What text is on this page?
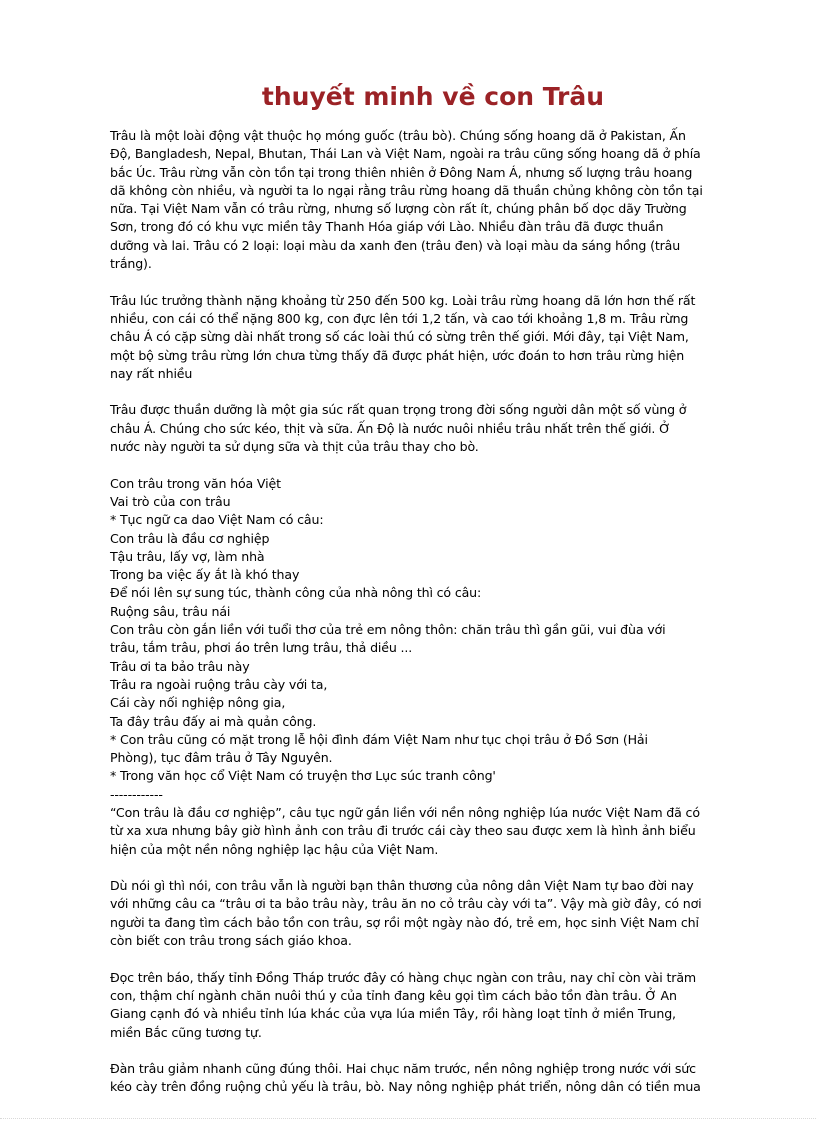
thuyết minh về con Trâu
Trâu là một loài động vật thuộc họ móng guốc (trâu bò). Chúng sống hoang dã ở Pakistan, Ấn
Độ, Bangladesh, Nepal, Bhutan, Thái Lan và Việt Nam, ngoài ra trâu cũng sống hoang dã ở phía
bắc Úc. Trâu rừng vẫn còn tồn tại trong thiên nhiên ở Đông Nam Á, nhưng số lượng trâu hoang
dã không còn nhiều, và người ta lo ngại rằng trâu rừng hoang dã thuần chủng không còn tồn tại
nữa. Tại Việt Nam vẫn có trâu rừng, nhưng số lượng còn rất ít, chúng phân bố dọc dãy Trường
Sơn, trong đó có khu vực miền tây Thanh Hóa giáp với Lào. Nhiều đàn trâu đã được thuần
dưỡng và lai. Trâu có 2 loại: loại màu da xanh đen (trâu đen) và loại màu da sáng hồng (trâu
trắng).
Trâu lúc trưởng thành nặng khoảng từ 250 đến 500 kg. Loài trâu rừng hoang dã lớn hơn thế rất
nhiều, con cái có thể nặng 800 kg, con đực lên tới 1,2 tấn, và cao tới khoảng 1,8 m. Trâu rừng
châu Á có cặp sừng dài nhất trong số các loài thú có sừng trên thế giới. Mới đây, tại Việt Nam,
một bộ sừng trâu rừng lớn chưa từng thấy đã được phát hiện, ước đoán to hơn trâu rừng hiện
nay rất nhiều
Trâu được thuần dưỡng là một gia súc rất quan trọng trong đời sống người dân một số vùng ở
châu Á. Chúng cho sức kéo, thịt và sữa. Ấn Độ là nước nuôi nhiều trâu nhất trên thế giới. Ở
nước này người ta sử dụng sữa và thịt của trâu thay cho bò.
Con trâu trong văn hóa Việt
Vai trò của con trâu
* Tục ngữ ca dao Việt Nam có câu:
Con trâu là đầu cơ nghiệp
Tậu trâu, lấy vợ, làm nhà
Trong ba việc ấy ắt là khó thay
Để nói lên sự sung túc, thành công của nhà nông thì có câu:
Ruộng sâu, trâu nái
Con trâu còn gắn liền với tuổi thơ của trẻ em nông thôn: chăn trâu thì gần gũi, vui đùa với
trâu, tắm trâu, phơi áo trên lưng trâu, thả diều ...
Trâu ơi ta bảo trâu này
Trâu ra ngoài ruộng trâu cày với ta,
Cái cày nối nghiệp nông gia,
Ta đây trâu đấy ai mà quản công.
* Con trâu cũng có mặt trong lễ hội đình đám Việt Nam như tục chọi trâu ở Đồ Sơn (Hải
Phòng), tục đâm trâu ở Tây Nguyên.
* Trong văn học cổ Việt Nam có truyện thơ Lục súc tranh công'
------------
“Con trâu là đầu cơ nghiệp”, câu tục ngữ gắn liền với nền nông nghiệp lúa nước Việt Nam đã có
từ xa xưa nhưng bây giờ hình ảnh con trâu đi trước cái cày theo sau được xem là hình ảnh biểu
hiện của một nền nông nghiệp lạc hậu của Việt Nam.
Dù nói gì thì nói, con trâu vẫn là người bạn thân thương của nông dân Việt Nam tự bao đời nay
với những câu ca “trâu ơi ta bảo trâu này, trâu ăn no cỏ trâu cày với ta”. Vậy mà giờ đây, có nơi
người ta đang tìm cách bảo tồn con trâu, sợ rồi một ngày nào đó, trẻ em, học sinh Việt Nam chỉ
còn biết con trâu trong sách giáo khoa.
Đọc trên báo, thấy tỉnh Đồng Tháp trước đây có hàng chục ngàn con trâu, nay chỉ còn vài trăm
con, thậm chí ngành chăn nuôi thú y của tỉnh đang kêu gọi tìm cách bảo tồn đàn trâu. Ở An
Giang cạnh đó và nhiều tỉnh lúa khác của vựa lúa miền Tây, rồi hàng loạt tỉnh ở miền Trung,
miền Bắc cũng tương tự.
Đàn trâu giảm nhanh cũng đúng thôi. Hai chục năm trước, nền nông nghiệp trong nước với sức
kéo cày trên đồng ruộng chủ yếu là trâu, bò. Nay nông nghiệp phát triển, nông dân có tiền mua
